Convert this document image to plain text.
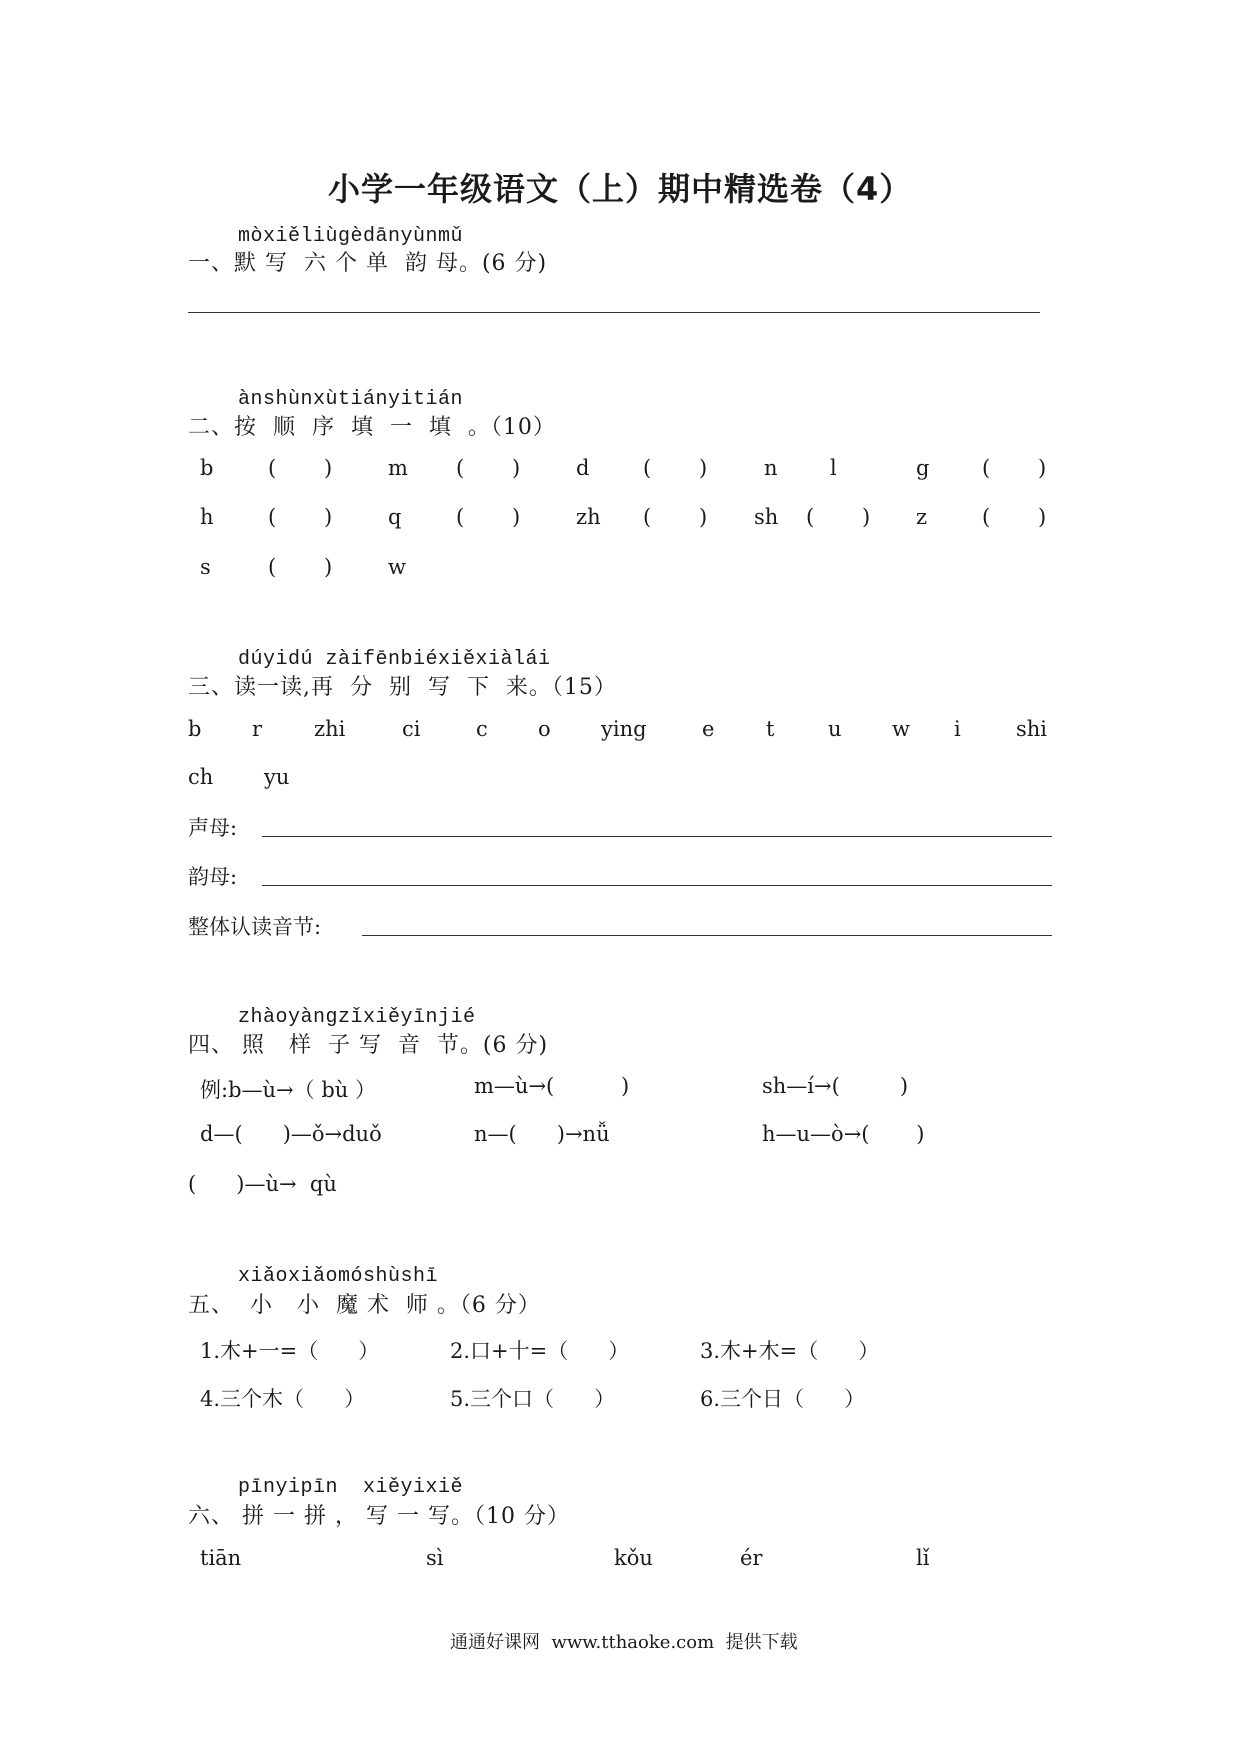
小学一年级语文（上）期中精选卷（4）
mòxiěliùgèdānyùnmǔ
一、默 写  六 个 单  韵 母。(6 分)
ànshùnxùtiányitián
二、按  顺  序  填  一  填  。（10）
b	( )	m ( )	d	( )	n l	g	( )
h	( )	q	( )	zh ( ) sh ( ) z	( )
s	( )	w
dúyidú zàifēnbiéxiěxiàlái
三、读一读,再  分  别  写  下  来。（15）
b r zhi	ci	c o ying	e t	u w i	shi
ch yu
声母:
韵母:
整体认读音节:
zhàoyàngzǐxiěyīnjié
四、 照   样  子 写  音  节。(6 分)
例:b—ù→（ bù ）	m—ù→(          )	sh—í→(         )
d—(      )—ǒ→duǒ	n—(      )→nǚ	h—u—ò→(       )
(      )—ù→  qù
xiǎoxiǎomóshùshī
五、  小   小  魔 术  师 。（6 分）
1.木+一=（      ）	2.口+十=（      ）	3.木+木=（      ）
4.三个木（      ）	5.三个口（      ）	6.三个日（      ）
pīnyipīn  xiěyixiě
六、 拼 一 拼 ， 写 一 写。（10 分）
tiān	sì	kǒu	ér	lǐ
通通好课网  www.tthaoke.com  提供下载
